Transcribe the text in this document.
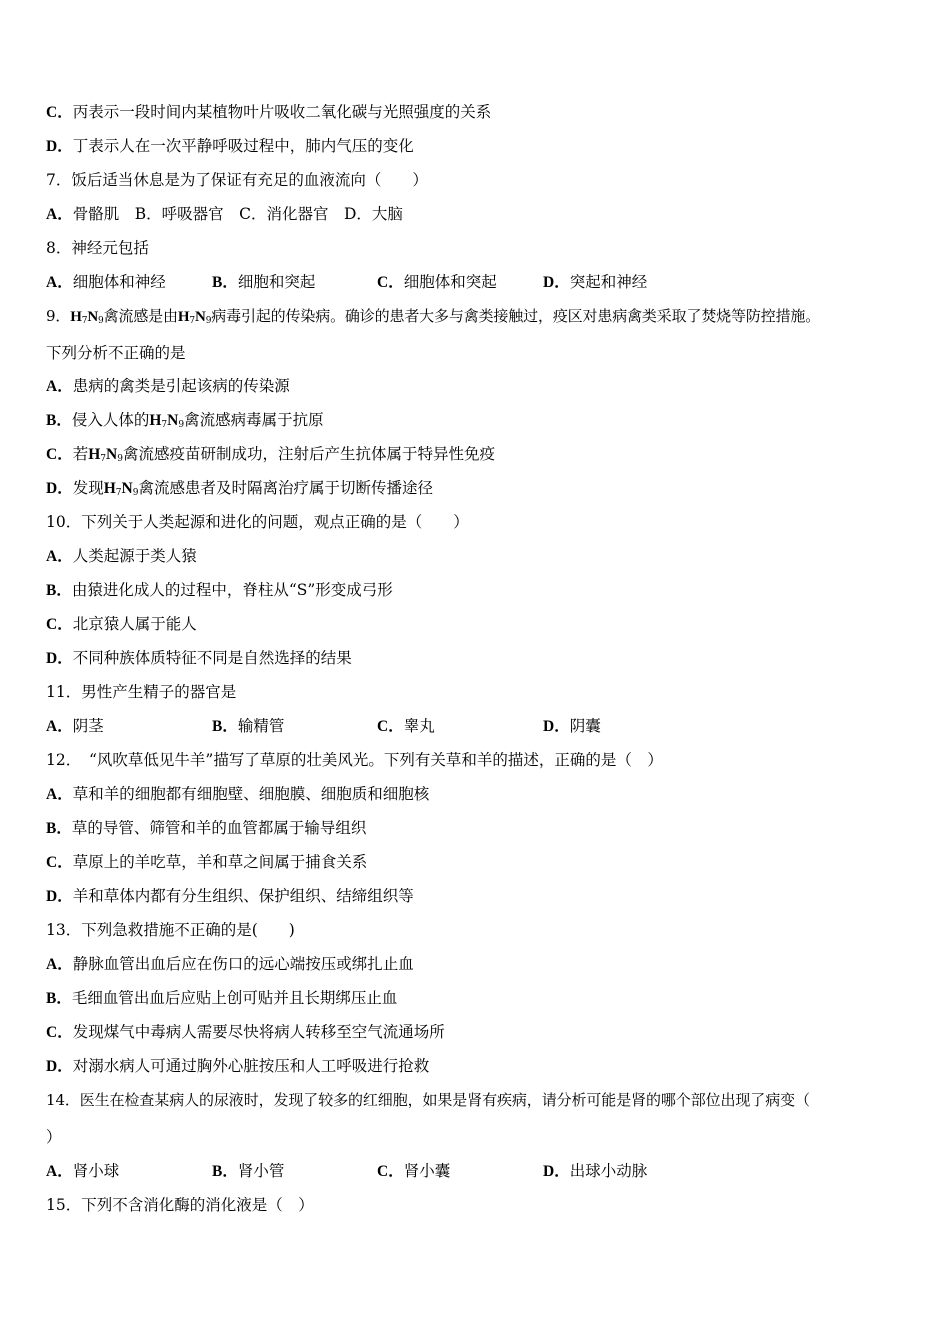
C．丙表示一段时间内某植物叶片吸收二氧化碳与光照强度的关系
D．丁表示人在一次平静呼吸过程中，肺内气压的变化
7．饭后适当休息是为了保证有充足的血液流向（　　）
A．骨骼肌　B．呼吸器官　C．消化器官　D．大脑
8．神经元包括
A．细胞体和神经	B．细胞和突起	C．细胞体和突起	D．突起和神经
9．$H_7N_9$禽流感是由$H_7N_9$病毒引起的传染病。确诊的患者大多与禽类接触过，疫区对患病禽类采取了焚烧等防控措施。
下列分析不正确的是
A．患病的禽类是引起该病的传染源
B．侵入人体的$H_7N_9$禽流感病毒属于抗原
C．若$H_7N_9$禽流感疫苗研制成功，注射后产生抗体属于特异性免疫
D．发现$H_7N_9$禽流感患者及时隔离治疗属于切断传播途径
10．下列关于人类起源和进化的问题，观点正确的是（　　）
A．人类起源于类人猿
B．由猿进化成人的过程中，脊柱从“S”形变成弓形
C．北京猿人属于能人
D．不同种族体质特征不同是自然选择的结果
11．男性产生精子的器官是
A．阴茎	B．输精管	C．睾丸	D．阴囊
12．　“风吹草低见牛羊”描写了草原的壮美风光。下列有关草和羊的描述，正确的是（　）
A．草和羊的细胞都有细胞壁、细胞膜、细胞质和细胞核
B．草的导管、筛管和羊的血管都属于输导组织
C．草原上的羊吃草，羊和草之间属于捕食关系
D．羊和草体内都有分生组织、保护组织、结缔组织等
13．下列急救措施不正确的是(　　)
A．静脉血管出血后应在伤口的远心端按压或绑扎止血
B．毛细血管出血后应贴上创可贴并且长期绑压止血
C．发现煤气中毒病人需要尽快将病人转移至空气流通场所
D．对溺水病人可通过胸外心脏按压和人工呼吸进行抢救
14．医生在检查某病人的尿液时，发现了较多的红细胞，如果是肾有疾病，请分析可能是肾的哪个部位出现了病变（
）
A．肾小球	B．肾小管	C．肾小囊	D．出球小动脉
15．下列不含消化酶的消化液是（　）
